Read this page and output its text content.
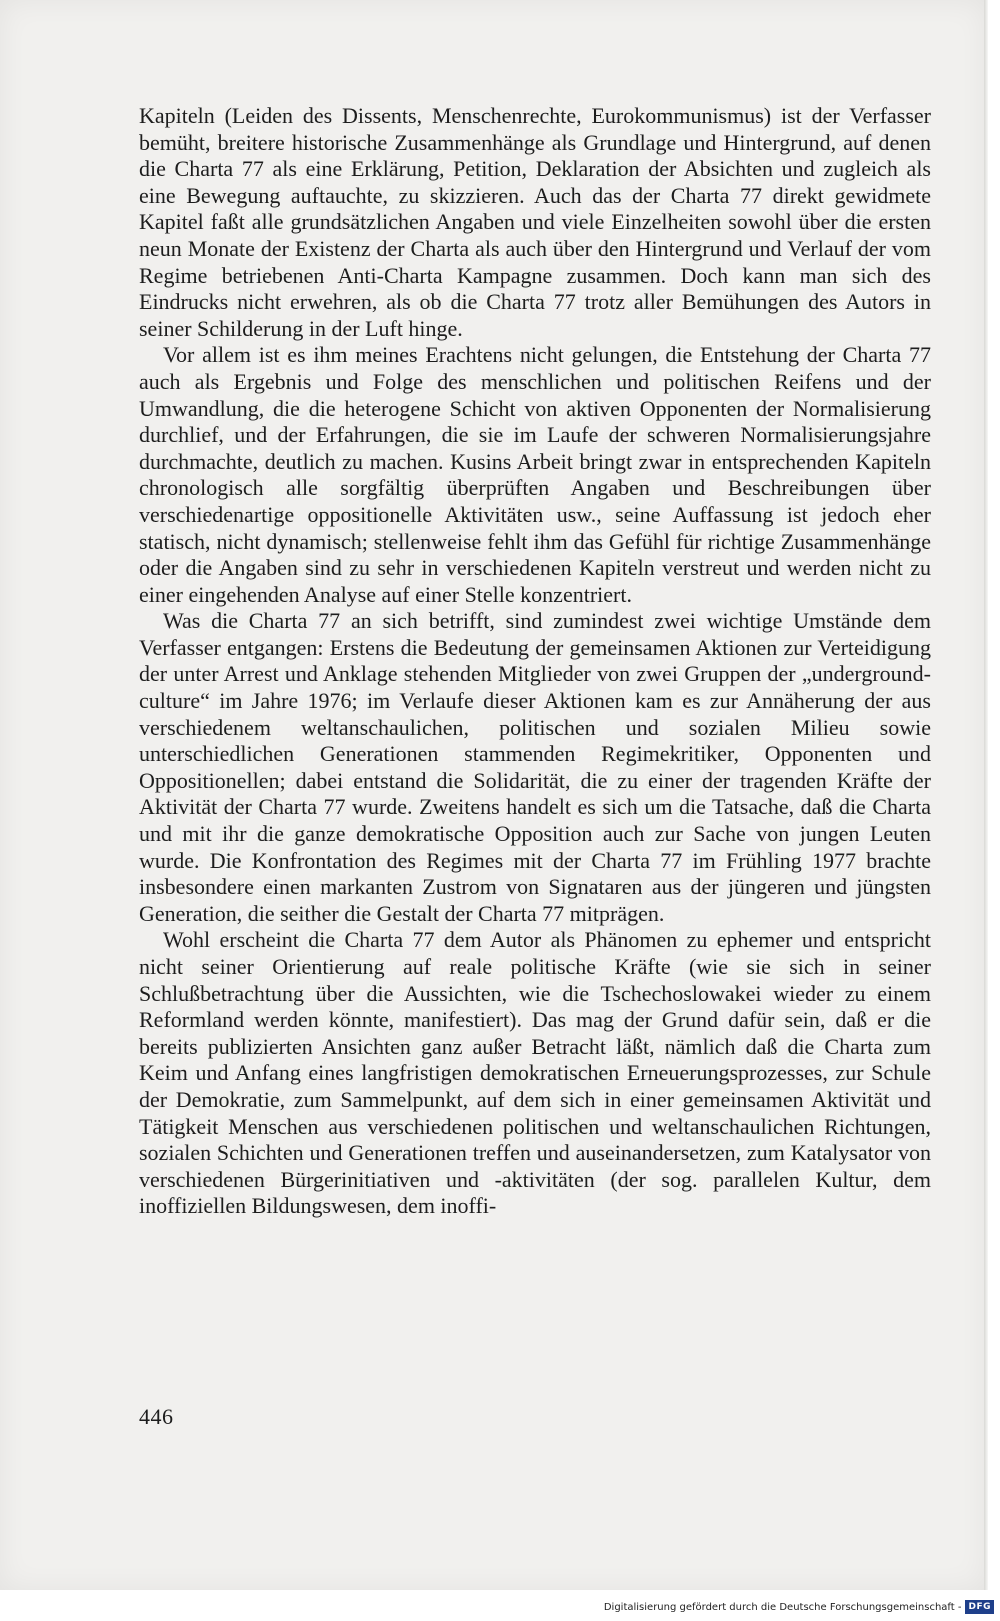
Kapiteln (Leiden des Dissents, Menschenrechte, Eurokommunismus) ist der Verfasser bemüht, breitere historische Zusammenhänge als Grundlage und Hintergrund, auf denen die Charta 77 als eine Erklärung, Petition, Deklaration der Absichten und zugleich als eine Bewegung auftauchte, zu skizzieren. Auch das der Charta 77 direkt gewidmete Kapitel faßt alle grundsätzlichen Angaben und viele Einzelheiten sowohl über die ersten neun Monate der Existenz der Charta als auch über den Hintergrund und Verlauf der vom Regime betriebenen Anti-Charta Kampagne zusammen. Doch kann man sich des Eindrucks nicht erwehren, als ob die Charta 77 trotz aller Bemühungen des Autors in seiner Schilderung in der Luft hinge.

Vor allem ist es ihm meines Erachtens nicht gelungen, die Entstehung der Charta 77 auch als Ergebnis und Folge des menschlichen und politischen Reifens und der Umwandlung, die die heterogene Schicht von aktiven Opponenten der Normalisierung durchlief, und der Erfahrungen, die sie im Laufe der schweren Normalisierungsjahre durchmachte, deutlich zu machen. Kusins Arbeit bringt zwar in entsprechenden Kapiteln chronologisch alle sorgfältig überprüften Angaben und Beschreibungen über verschiedenartige oppositionelle Aktivitäten usw., seine Auffassung ist jedoch eher statisch, nicht dynamisch; stellenweise fehlt ihm das Gefühl für richtige Zusammenhänge oder die Angaben sind zu sehr in verschiedenen Kapiteln verstreut und werden nicht zu einer eingehenden Analyse auf einer Stelle konzentriert.

Was die Charta 77 an sich betrifft, sind zumindest zwei wichtige Umstände dem Verfasser entgangen: Erstens die Bedeutung der gemeinsamen Aktionen zur Verteidigung der unter Arrest und Anklage stehenden Mitglieder von zwei Gruppen der „underground-culture“ im Jahre 1976; im Verlaufe dieser Aktionen kam es zur Annäherung der aus verschiedenem weltanschaulichen, politischen und sozialen Milieu sowie unterschiedlichen Generationen stammenden Regimekritiker, Opponenten und Oppositionellen; dabei entstand die Solidarität, die zu einer der tragenden Kräfte der Aktivität der Charta 77 wurde. Zweitens handelt es sich um die Tatsache, daß die Charta und mit ihr die ganze demokratische Opposition auch zur Sache von jungen Leuten wurde. Die Konfrontation des Regimes mit der Charta 77 im Frühling 1977 brachte insbesondere einen markanten Zustrom von Signataren aus der jüngeren und jüngsten Generation, die seither die Gestalt der Charta 77 mitprägen.

Wohl erscheint die Charta 77 dem Autor als Phänomen zu ephemer und entspricht nicht seiner Orientierung auf reale politische Kräfte (wie sie sich in seiner Schlußbetrachtung über die Aussichten, wie die Tschechoslowakei wieder zu einem Reformland werden könnte, manifestiert). Das mag der Grund dafür sein, daß er die bereits publizierten Ansichten ganz außer Betracht läßt, nämlich daß die Charta zum Keim und Anfang eines langfristigen demokratischen Erneuerungsprozesses, zur Schule der Demokratie, zum Sammelpunkt, auf dem sich in einer gemeinsamen Aktivität und Tätigkeit Menschen aus verschiedenen politischen und weltanschaulichen Richtungen, sozialen Schichten und Generationen treffen und auseinandersetzen, zum Katalysator von verschiedenen Bürgerinitiativen und -aktivitäten (der sog. parallelen Kultur, dem inoffiziellen Bildungswesen, dem inoffi-

446
Digitalisierung gefördert durch die Deutsche Forschungsgemeinschaft - DFG
